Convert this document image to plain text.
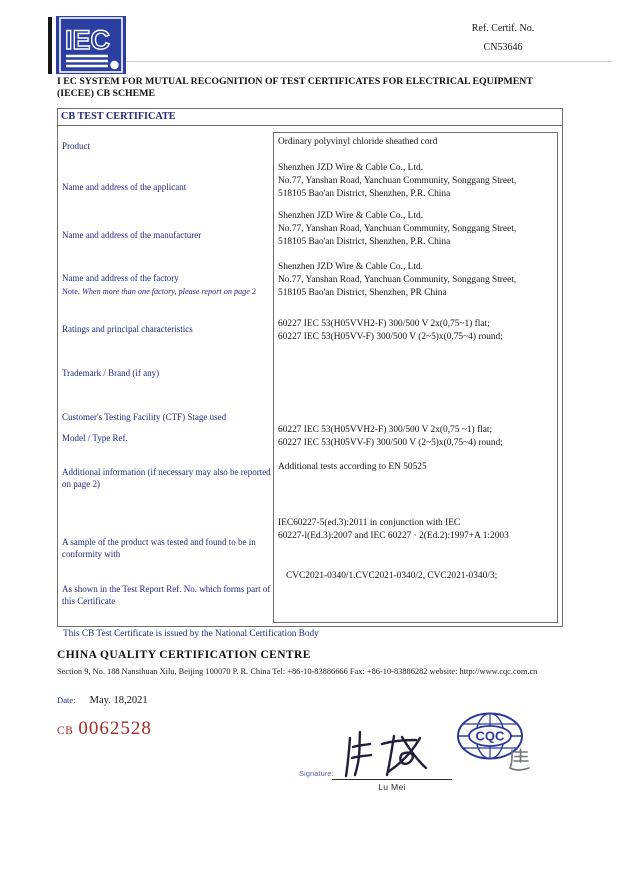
IEC	Ref. Certif. No.
CN53646
I EC SYSTEM FOR MUTUAL RECOGNITION OF TEST CERTIFICATES FOR ELECTRICAL EQUIPMENT
(IECEE) CB SCHEME
CB TEST CERTIFICATE
Product
Name and address of the applicant
Name and address of the manufacturer
Name and address of the factory
Note. When more than one factory, please report on page 2
Ratings and principal characteristics
Trademark / Brand (if any)
Customer's Testing Facility (CTF) Stage used
Model / Type Ref.
Additional information (if necessary may also be reported
on page 2)
A sample of the product was tested and found to be in
conformity with
As shown in the Test Report Ref. No. which forms part of
this Certificate
Ordinary polyvinyl chloride sheathed cord
Shenzhen JZD Wire & Cable Co., Ltd.
No.77, Yanshan Road, Yanchuan Community, Songgang Street,
518105 Bao'an District, Shenzhen, P.R. China
Shenzhen JZD Wire & Cable Co., Ltd.
No.77, Yanshan Road, Yanchuan Community, Songgang Street,
518105 Bao'an District, Shenzhen, P.R. China
Shenzhen JZD Wire & Cable Co., Ltd.
No.77, Yanshan Road, Yanchuan Community, Songgang Street,
518105 Bao'an District, Shenzhen, PR China
60227 IEC 53(H05VVH2-F) 300/500 V 2x(0,75~1) flat;
60227 IEC 53(H05VV-F) 300/500 V (2~5)x(0,75~4) round;
60227 IEC 53(H05VVH2-F) 300/500 V 2x(0,75 ~1) flat;
60227 IEC 53(H05VV-F) 300/500 V (2~5)x(0,75~4) round;
Additional tests according to EN 50525
IEC60227-5(ed.3):2011 in conjunction with IEC
60227-l(Ed.3):2007 and IEC 60227 · 2(Ed.2):1997+A 1:2003
CVC2021-0340/1.CVC2021-0340/2, CVC2021-0340/3;
This CB Test Certificate is issued by the National Certification Body
CHINA QUALITY CERTIFICATION CENTRE
Section 9, No. 188 Nansihuan Xilu, Beijing 100070 P. R. China Tel: +86-10-83886666 Fax: +86-10-83886282 website: http://www.cqc.com.cn
Date: May. 18,2021
CB 0062528
Signature:
Lu Mei
CQC
